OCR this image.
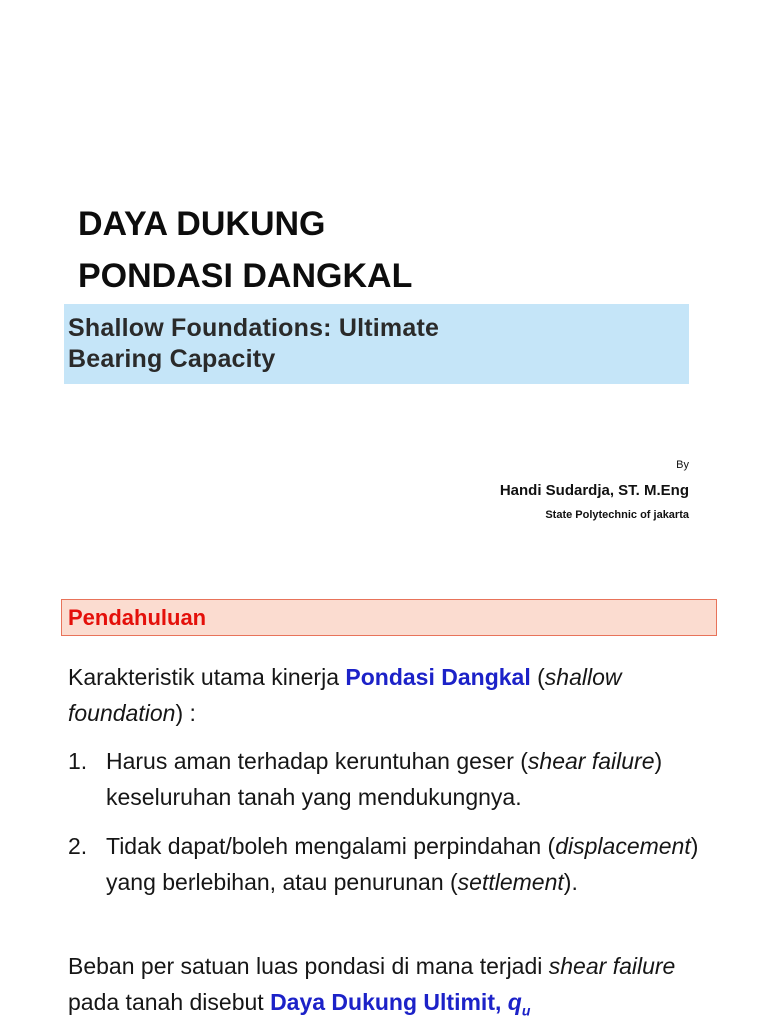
DAYA DUKUNG
PONDASI DANGKAL

Shallow Foundations: Ultimate
Bearing Capacity

By

Handi Sudardja, ST. M.Eng

State Polytechnic of jakarta

Pendahuluan

Karakteristik utama kinerja Pondasi Dangkal (shallow foundation) :

1. Harus aman terhadap keruntuhan geser (shear failure) keseluruhan tanah yang mendukungnya.
2. Tidak dapat/boleh mengalami perpindahan (displacement) yang berlebihan, atau penurunan (settlement).

Beban per satuan luas pondasi di mana terjadi shear failure pada tanah disebut Daya Dukung Ultimit, $q_u$
